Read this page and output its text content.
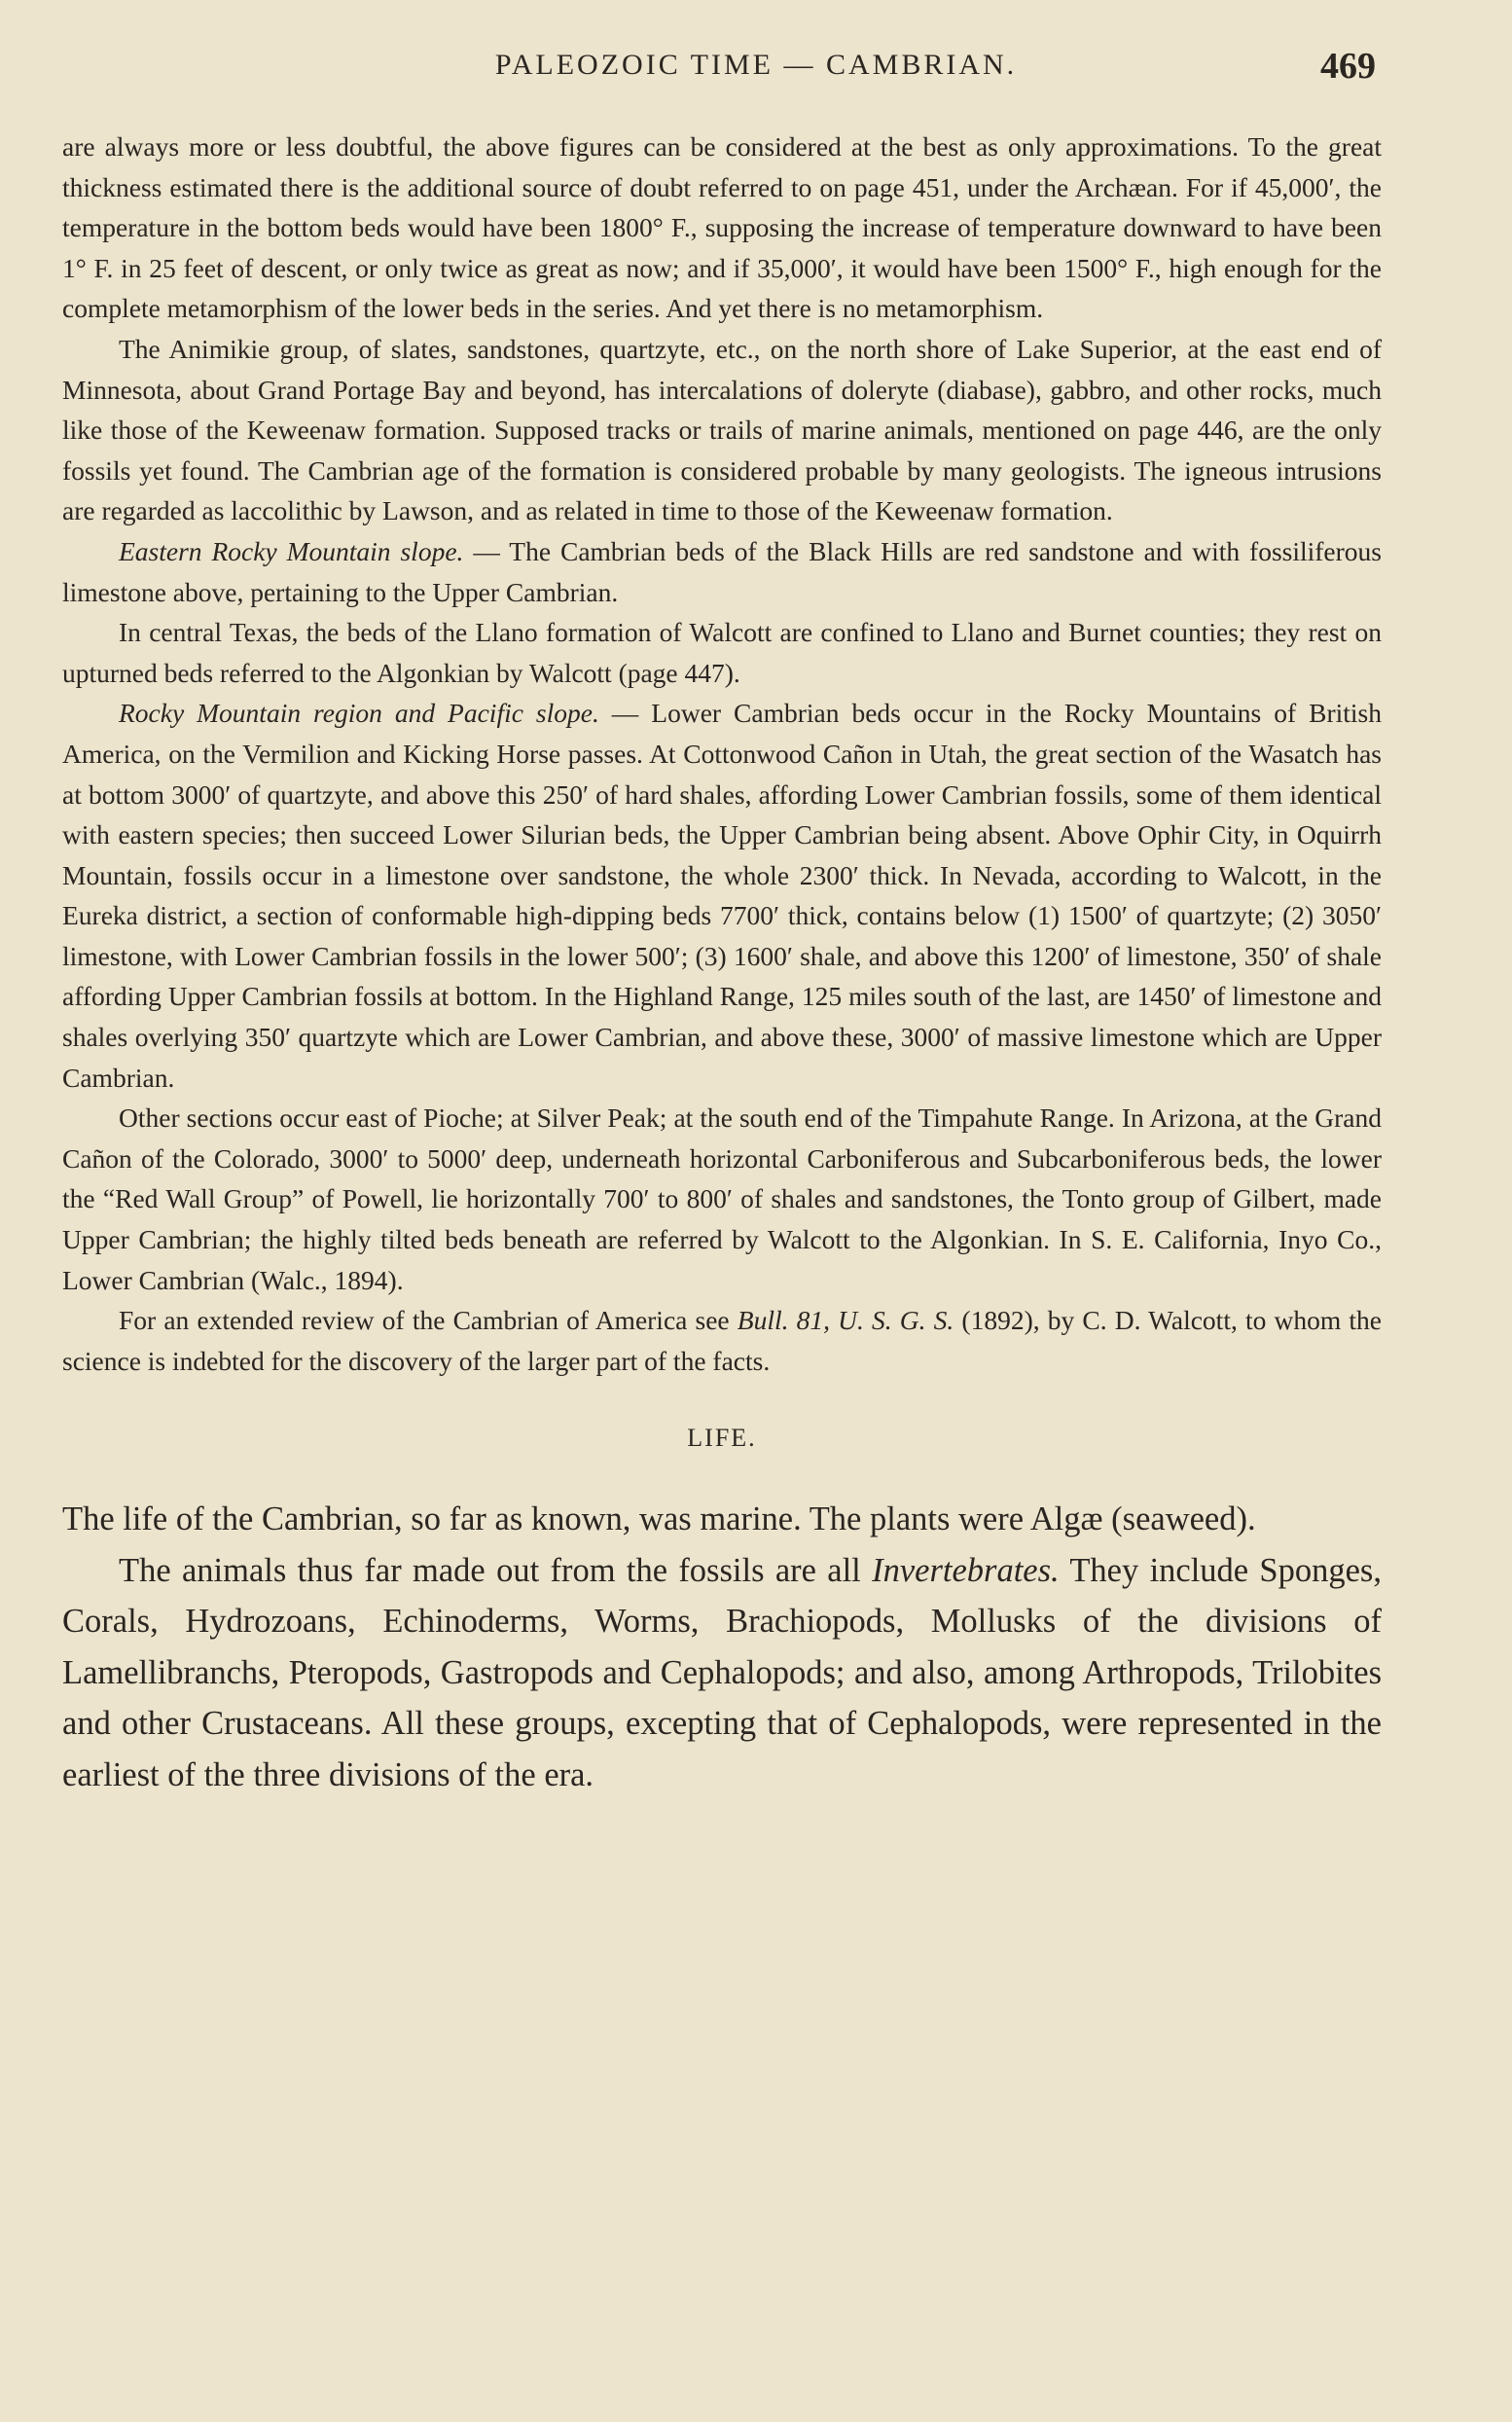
PALEOZOIC TIME — CAMBRIAN.	469

are always more or less doubtful, the above figures can be considered at the best as only approximations. To the great thickness estimated there is the additional source of doubt referred to on page 451, under the Archæan. For if 45,000′, the temperature in the bottom beds would have been 1800° F., supposing the increase of temperature downward to have been 1° F. in 25 feet of descent, or only twice as great as now; and if 35,000′, it would have been 1500° F., high enough for the complete metamorphism of the lower beds in the series. And yet there is no metamorphism.

The Animikie group, of slates, sandstones, quartzyte, etc., on the north shore of Lake Superior, at the east end of Minnesota, about Grand Portage Bay and beyond, has intercalations of doleryte (diabase), gabbro, and other rocks, much like those of the Keweenaw formation. Supposed tracks or trails of marine animals, mentioned on page 446, are the only fossils yet found. The Cambrian age of the formation is considered probable by many geologists. The igneous intrusions are regarded as laccolithic by Lawson, and as related in time to those of the Keweenaw formation.

Eastern Rocky Mountain slope. — The Cambrian beds of the Black Hills are red sandstone and with fossiliferous limestone above, pertaining to the Upper Cambrian.

In central Texas, the beds of the Llano formation of Walcott are confined to Llano and Burnet counties; they rest on upturned beds referred to the Algonkian by Walcott (page 447).

Rocky Mountain region and Pacific slope. — Lower Cambrian beds occur in the Rocky Mountains of British America, on the Vermilion and Kicking Horse passes. At Cottonwood Cañon in Utah, the great section of the Wasatch has at bottom 3000′ of quartzyte, and above this 250′ of hard shales, affording Lower Cambrian fossils, some of them identical with eastern species; then succeed Lower Silurian beds, the Upper Cambrian being absent. Above Ophir City, in Oquirrh Mountain, fossils occur in a limestone over sandstone, the whole 2300′ thick. In Nevada, according to Walcott, in the Eureka district, a section of conformable high-dipping beds 7700′ thick, contains below (1) 1500′ of quartzyte; (2) 3050′ limestone, with Lower Cambrian fossils in the lower 500′; (3) 1600′ shale, and above this 1200′ of limestone, 350′ of shale affording Upper Cambrian fossils at bottom. In the Highland Range, 125 miles south of the last, are 1450′ of limestone and shales overlying 350′ quartzyte which are Lower Cambrian, and above these, 3000′ of massive limestone which are Upper Cambrian.

Other sections occur east of Pioche; at Silver Peak; at the south end of the Timpahute Range. In Arizona, at the Grand Cañon of the Colorado, 3000′ to 5000′ deep, underneath horizontal Carboniferous and Subcarboniferous beds, the lower the “Red Wall Group” of Powell, lie horizontally 700′ to 800′ of shales and sandstones, the Tonto group of Gilbert, made Upper Cambrian; the highly tilted beds beneath are referred by Walcott to the Algonkian. In S. E. California, Inyo Co., Lower Cambrian (Walc., 1894).

For an extended review of the Cambrian of America see Bull. 81, U. S. G. S. (1892), by C. D. Walcott, to whom the science is indebted for the discovery of the larger part of the facts.

LIFE.

The life of the Cambrian, so far as known, was marine. The plants were Algæ (seaweed).

The animals thus far made out from the fossils are all Invertebrates. They include Sponges, Corals, Hydrozoans, Echinoderms, Worms, Brachiopods, Mollusks of the divisions of Lamellibranchs, Pteropods, Gastropods and Cephalopods; and also, among Arthropods, Trilobites and other Crustaceans. All these groups, excepting that of Cephalopods, were represented in the earliest of the three divisions of the era.
